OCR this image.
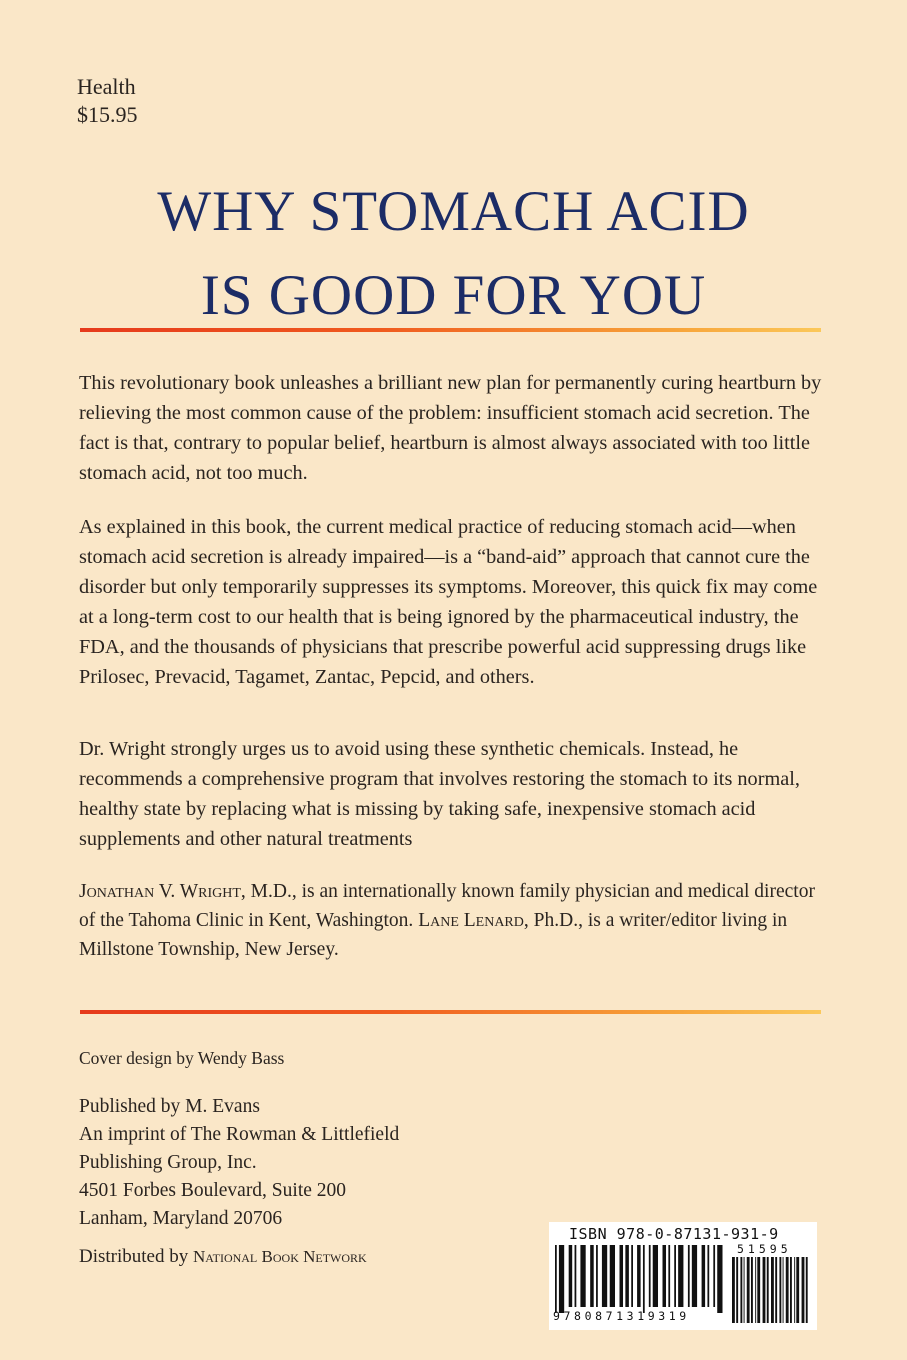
Health
$15.95
WHY STOMACH ACID
IS GOOD FOR YOU

This revolutionary book unleashes a brilliant new plan for permanently curing heartburn by relieving the most common cause of the problem: insufficient stomach acid secretion. The fact is that, contrary to popular belief, heartburn is almost always associated with too little stomach acid, not too much.

As explained in this book, the current medical practice of reducing stomach acid—when stomach acid secretion is already impaired—is a “band-aid” approach that cannot cure the disorder but only temporarily suppresses its symptoms. Moreover, this quick fix may come at a long-term cost to our health that is being ignored by the pharmaceutical industry, the FDA, and the thousands of physicians that prescribe powerful acid suppressing drugs like Prilosec, Prevacid, Tagamet, Zantac, Pepcid, and others.

Dr. Wright strongly urges us to avoid using these synthetic chemicals. Instead, he recommends a comprehensive program that involves restoring the stomach to its normal, healthy state by replacing what is missing by taking safe, inexpensive stomach acid supplements and other natural treatments

Jonathan V. Wright, M.D., is an internationally known family physician and medical director of the Tahoma Clinic in Kent, Washington. Lane Lenard, Ph.D., is a writer/editor living in Millstone Township, New Jersey.

Cover design by Wendy Bass
Published by M. Evans
An imprint of The Rowman & Littlefield
Publishing Group, Inc.
4501 Forbes Boulevard, Suite 200
Lanham, Maryland 20706
Distributed by National Book Network
ISBN 978-0-87131-931-9
9780871319319
51595
